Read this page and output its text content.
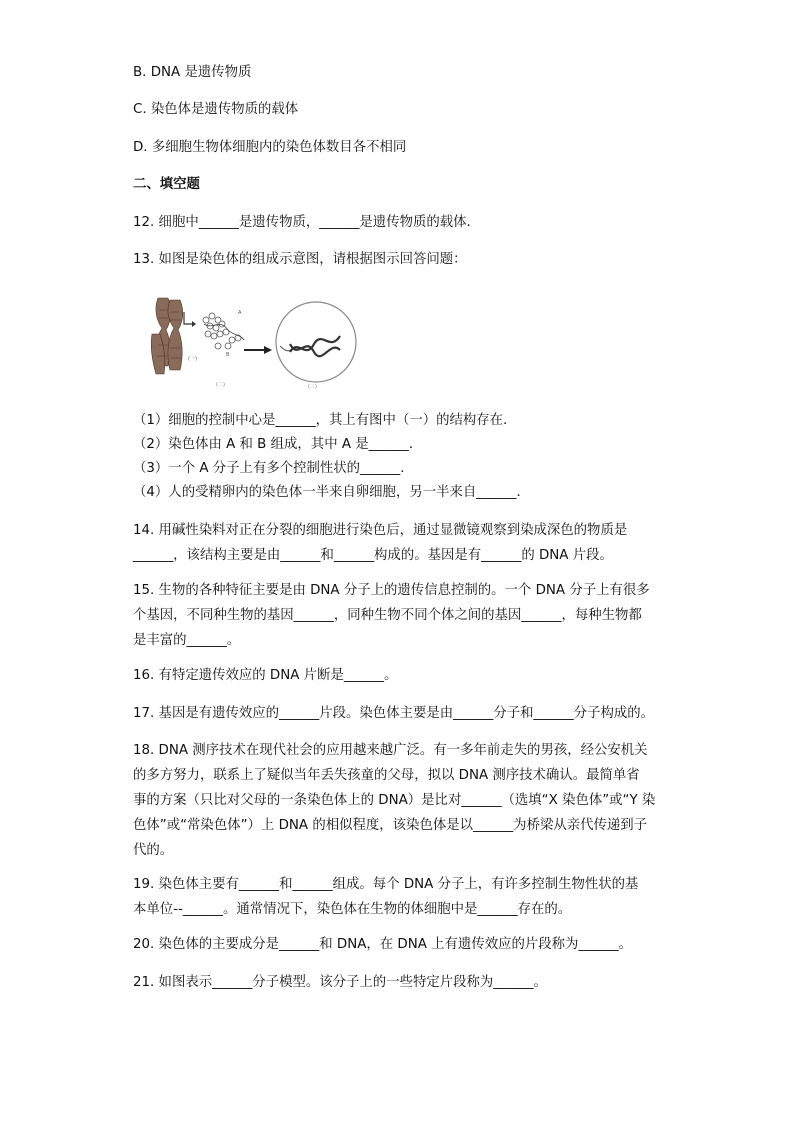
B. DNA 是遗传物质
C. 染色体是遗传物质的载体
D. 多细胞生物体细胞内的染色体数目各不相同
二、填空题
12. 细胞中______是遗传物质，______是遗传物质的载体．
13. 如图是染色体的组成示意图，请根据图示回答问题：
(一)
A
B
(二)	(三)
（1）细胞的控制中心是______，其上有图中（一）的结构存在．
（2）染色体由 A 和 B 组成，其中 A 是______．
（3）一个 A 分子上有多个控制性状的______．
（4）人的受精卵内的染色体一半来自卵细胞，另一半来自______．
14. 用碱性染料对正在分裂的细胞进行染色后，通过显微镜观察到染成深色的物质是
______，该结构主要是由______和______构成的。基因是有______的 DNA 片段。
15. 生物的各种特征主要是由 DNA 分子上的遗传信息控制的。一个 DNA 分子上有很多
个基因，不同种生物的基因______，同种生物不同个体之间的基因______，每种生物都
是丰富的______。
16. 有特定遗传效应的 DNA 片断是______。
17. 基因是有遗传效应的______片段。染色体主要是由______分子和______分子构成的。
18. DNA 测序技术在现代社会的应用越来越广泛。有一多年前走失的男孩，经公安机关
的多方努力，联系上了疑似当年丢失孩童的父母，拟以 DNA 测序技术确认。最简单省
事的方案（只比对父母的一条染色体上的 DNA）是比对______（选填“X 染色体”或“Y 染
色体”或“常染色体”）上 DNA 的相似程度，该染色体是以______为桥梁从亲代传递到子
代的。
19. 染色体主要有______和______组成。每个 DNA 分子上，有许多控制生物性状的基
本单位--______。通常情况下，染色体在生物的体细胞中是______存在的。
20. 染色体的主要成分是______和 DNA，在 DNA 上有遗传效应的片段称为______。
21. 如图表示______分子模型。该分子上的一些特定片段称为______。
